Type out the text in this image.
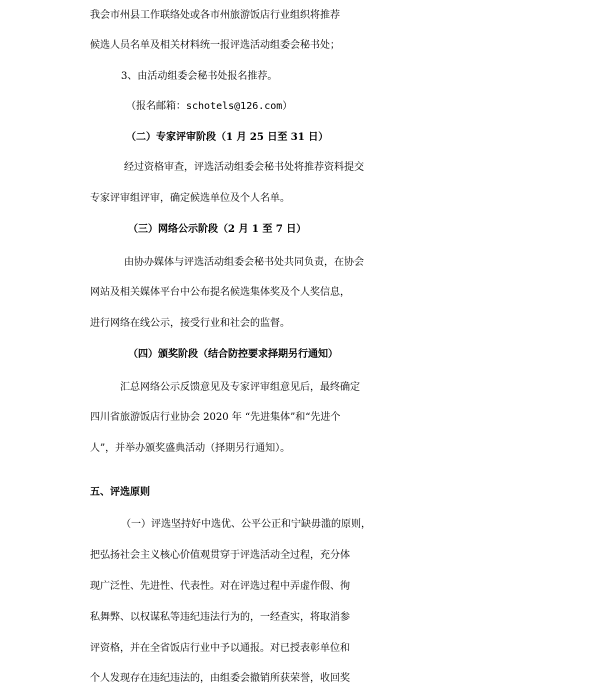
我会市州县工作联络处或各市州旅游饭店行业组织将推荐
候选人员名单及相关材料统一报评选活动组委会秘书处；
3、由活动组委会秘书处报名推荐。
（报名邮箱：schotels@126.com）
（二）专家评审阶段（1 月 25 日至 31 日）
经过资格审查，评选活动组委会秘书处将推荐资料提交
专家评审组评审，确定候选单位及个人名单。
（三）网络公示阶段（2 月 1 至 7 日）
由协办媒体与评选活动组委会秘书处共同负责，在协会
网站及相关媒体平台中公布提名候选集体奖及个人奖信息，
进行网络在线公示，接受行业和社会的监督。
（四）颁奖阶段（结合防控要求择期另行通知）
汇总网络公示反馈意见及专家评审组意见后，最终确定
四川省旅游饭店行业协会 2020 年 “先进集体”和“先进个
人”，并举办颁奖盛典活动（择期另行通知）。
五、评选原则
（一）评选坚持好中选优、公平公正和宁缺毋滥的原则，
把弘扬社会主义核心价值观贯穿于评选活动全过程，充分体
现广泛性、先进性、代表性。对在评选过程中弄虚作假、徇
私舞弊、以权谋私等违纪违法行为的，一经查实，将取消参
评资格，并在全省饭店行业中予以通报。对已授表彰单位和
个人发现存在违纪违法的，由组委会撤销所获荣誉，收回奖
